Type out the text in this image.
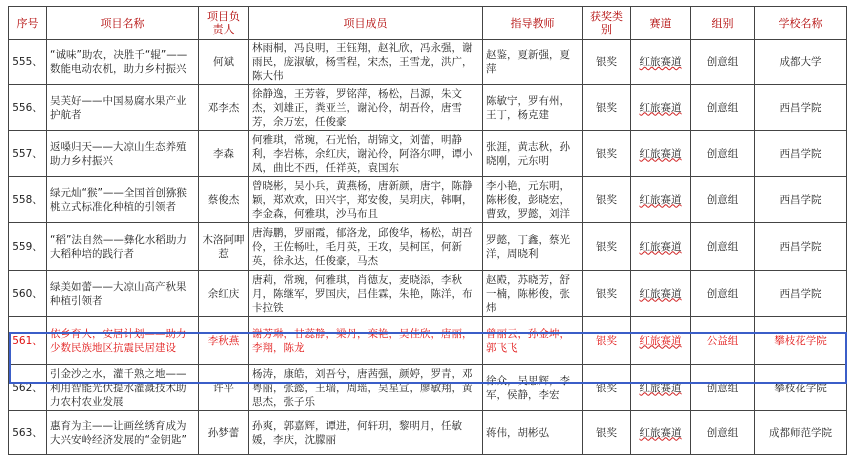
序号	项目名称	项目负责人	项目成员	指导教师	获奖类别	赛道	组别	学校名称
555、	“诚味”助农，决胜千“辊”——数能电动农机，助力乡村振兴	何斌	林雨桐，冯良明，王钰翔，赵礼欣，冯永强，谢雨民，庞淑敏，杨雪程，宋杰，王雪龙，洪广，陈大伟	赵鉴，夏新强，夏萍	银奖	红旅赛道	创意组	成都大学
556、	吴芙好——中国易腐水果产业护航者	邓李杰	徐静逸，王芳蓉，罗铭萍，杨松，吕源，朱文杰，刘雄正，粪亚兰，谢沁伶，胡吾伶，唐雪芳，余万宏，任俊豪	陈敏宁，罗有州，王丁，杨克建	银奖	红旅赛道	创意组	西昌学院
557、	返嗓归天——大凉山生态养殖助力乡村振兴	李森	何雅琪，常琬，石光怡，胡锦文，刘蕾，明静利，李岩栋，余红庆，谢沁伶，阿洛尔呷，谭小凤，曲比不西，任祥英，袁国东	张涯，黄志秋，孙晓刚，元东明	银奖	红旅赛道	创意组	西昌学院
558、	绿元灿“猴”——全国首创猕猴桃立式标准化种植的引领者	蔡俊杰	曾晓彬，吴小兵，黄燕杨，唐新颜，唐宇，陈静颖，郑欢欢，田兴宇，郑安俊，吴玥庆，韩啊，李金森，何雅琪，沙马布且	李小艳，元东明，陈彬俊，彭晓宏，曹致，罗懿，刘洋	银奖	红旅赛道	创意组	西昌学院
559、	“稻”法自然——彝化水稻助力大稻种培的践行者	木洛阿呷惹	唐海鹏，罗丽霞，郁洛龙，邱俊华，杨松，胡吾伶，王佐畅吐，毛月英，王攻，吴柯匡，何新英，徐永达，任俊豪，马杰	罗懿，丁鑫，蔡光洋，周晓利	银奖	红旅赛道	创意组	西昌学院
560、	绿美如蕾——大凉山高产秋果种植引领者	余红庆	唐莉，常琬，何雅琪，肖德友，麦晓添，李秋月，陈继军，罗国庆，吕佳霖，朱艳，陈洋，布卡拉铁	赵殿，苏晓芳，舒一楠，陈彬俊，张炜	银奖	红旅赛道	创意组	西昌学院
561、	依乡育人，安居计划——助力少数民族地区抗震民居建设	李秋燕	谢芳琳，甘蕊静，梁丹，栾艳，吴佳欣，唐丽，李翔，陈龙	曾丽云，孙金坤，郭飞飞	银奖	红旅赛道	公益组	攀枝花学院
562、	引金沙之水，灌千熟之地——利用智能光伏提水灌溉技术助力农村农业发展	许平	杨涛，康皓，刘吾兮，唐茜强，颜婷，罗青，邓粤丽，张懿，王瑞，周瑶，吴星宣，廖敏翔，黄思杰，张子乐	徐众，吴思辉，李军，侯静，李宏	银奖	红旅赛道	创意组	攀枝花学院
563、	惠育为主——让画丝绣育成为大兴安岭经济发展的“金钥匙”	孙梦蕾	孙爽，郭嘉辉，谭进，何轩玥，黎明月，任敏媛，李庆，沈朦丽	蒋伟，胡彬弘	银奖	红旅赛道	创意组	成都师范学院
